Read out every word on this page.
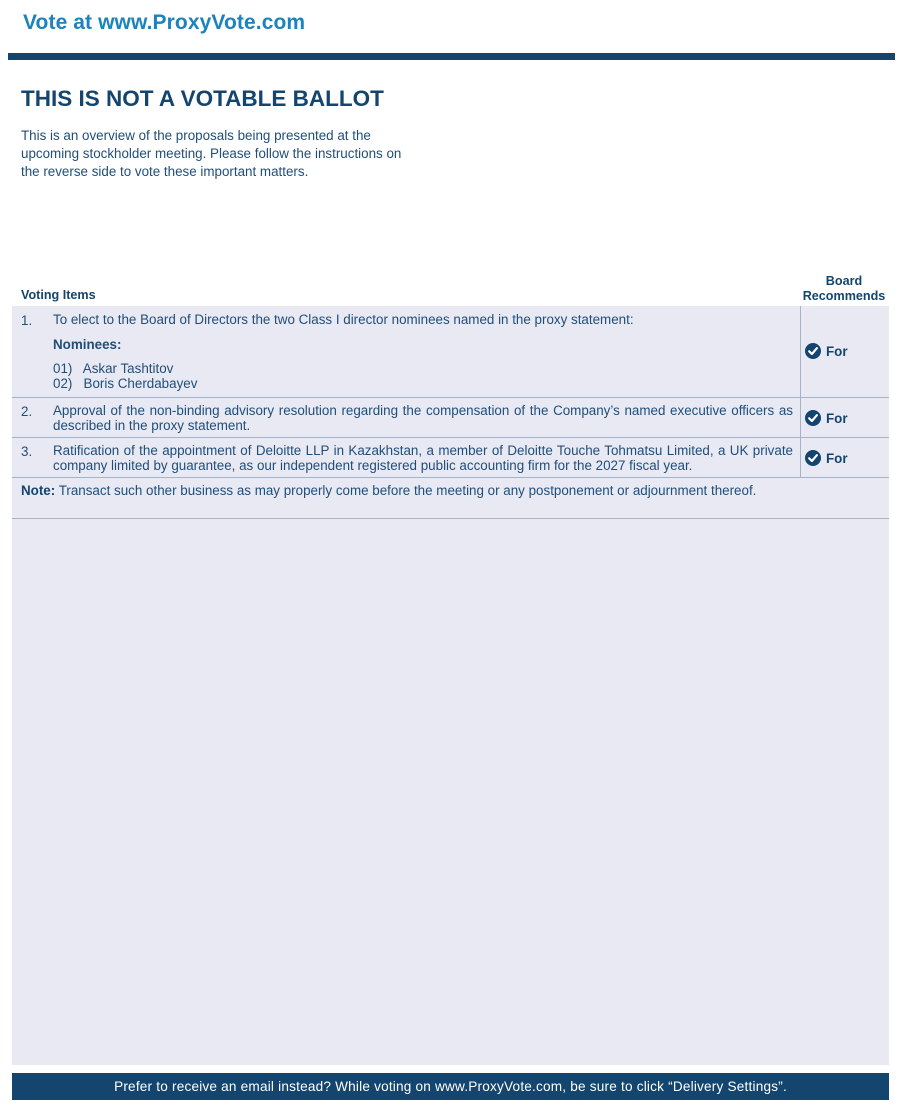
Vote at www.ProxyVote.com
THIS IS NOT A VOTABLE BALLOT

This is an overview of the proposals being presented at the
upcoming stockholder meeting. Please follow the instructions on
the reverse side to vote these important matters.

Voting Items
Board
Recommends
1. To elect to the Board of Directors the two Class I director nominees named in the proxy statement:
Nominees:
01) Askar Tashtitov
02) Boris Cherdabayev
For
2. Approval of the non-binding advisory resolution regarding the compensation of the Company’s named executive officers as described in the proxy statement.	For
3. Ratification of the appointment of Deloitte LLP in Kazakhstan, a member of Deloitte Touche Tohmatsu Limited, a UK private company limited by guarantee, as our independent registered public accounting firm for the 2027 fiscal year.	For
Note: Transact such other business as may properly come before the meeting or any postponement or adjournment thereof.
Prefer to receive an email instead? While voting on www.ProxyVote.com, be sure to click “Delivery Settings”.
